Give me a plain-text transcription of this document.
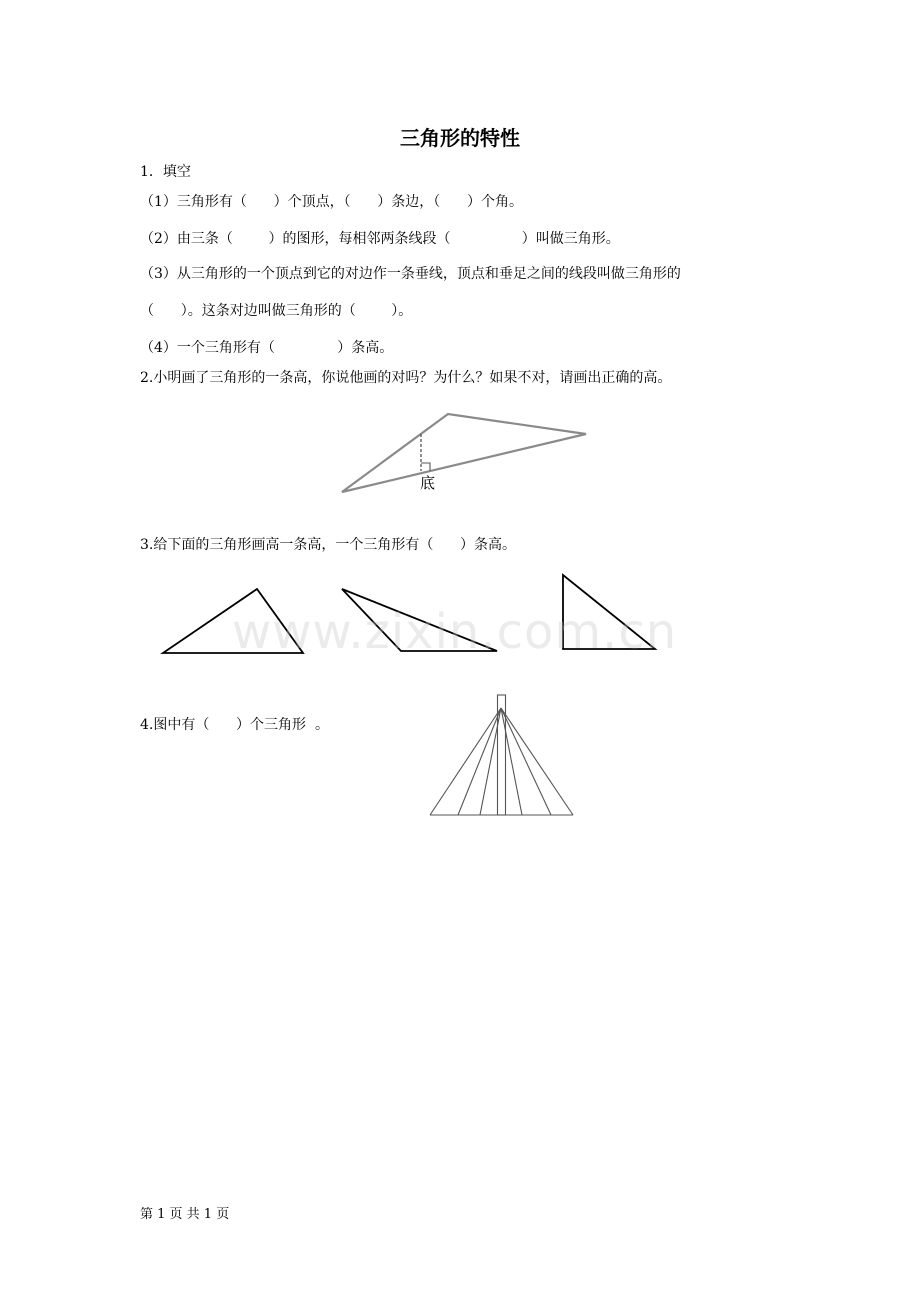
三角形的特性
1．填空
（1）三角形有（      ）个顶点，（      ）条边，（      ）个角。
（2）由三条（        ）的图形，每相邻两条线段（                ）叫做三角形。
（3）从三角形的一个顶点到它的对边作一条垂线，顶点和垂足之间的线段叫做三角形的
（      ）。这条对边叫做三角形的（        ）。
（4）一个三角形有（              ）条高。
2.小明画了三角形的一条高，你说他画的对吗？为什么？如果不对，请画出正确的高。
底
3.给下面的三角形画高一条高，一个三角形有（      ）条高。
4.图中有（      ）个三角形  。
www.zixin.com.cn
第 1 页 共 1 页
